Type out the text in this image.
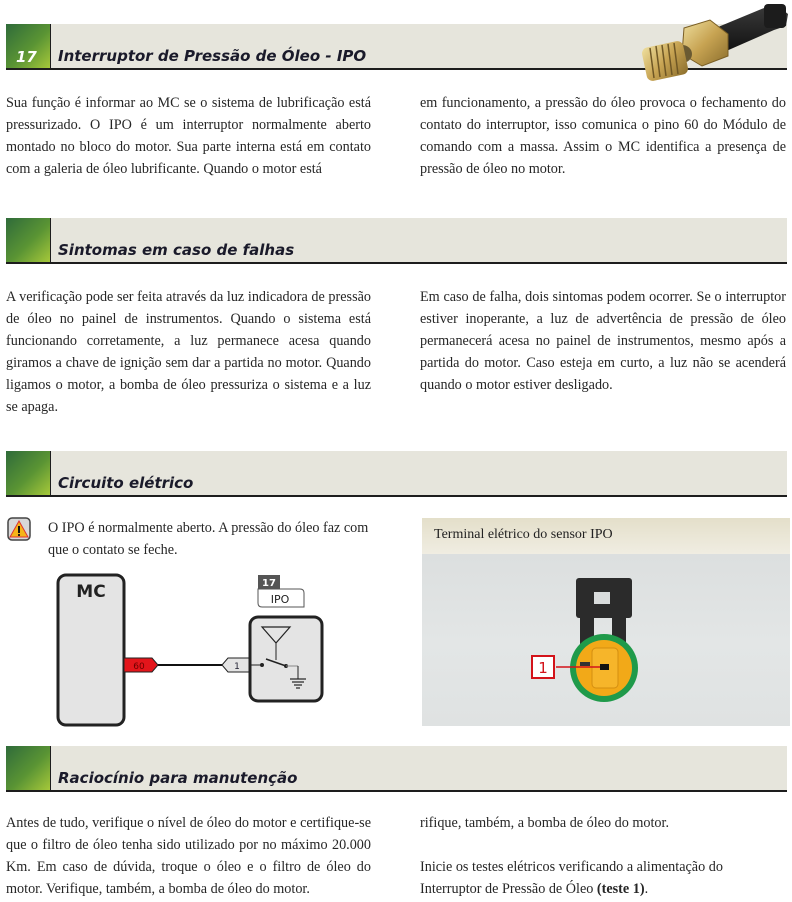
17 Interruptor de Pressão de Óleo - IPO
Sua função é informar ao MC se o sistema de lubrificação está pressurizado. O IPO é um interruptor normalmente aberto montado no bloco do motor. Sua parte interna está em contato com a galeria de óleo lubrificante. Quando o motor está
em funcionamento, a pressão do óleo provoca o fechamento do contato do interruptor, isso comunica o pino 60 do Módulo de comando com a massa. Assim o MC identifica a presença de pressão de óleo no motor.
Sintomas em caso de falhas
A verificação pode ser feita através da luz indicadora de pressão de óleo no painel de instrumentos. Quando o sistema está funcionando corretamente, a luz permanece acesa quando giramos a chave de ignição sem dar a partida no motor. Quando ligamos o motor, a bomba de óleo pressuriza o sistema e a luz se apaga.
Em caso de falha, dois sintomas podem ocorrer. Se o interruptor estiver inoperante, a luz de advertência de pressão de óleo permanecerá acesa no painel de instrumentos, mesmo após a partida do motor. Caso esteja em curto, a luz não se acenderá quando o motor estiver desligado.
Circuito elétrico
O IPO é normalmente aberto. A pressão do óleo faz com que o contato se feche.
MC
60	1
17
IPO
Terminal elétrico do sensor IPO
1
Raciocínio para manutenção
Antes de tudo, verifique o nível de óleo do motor e certifique-se que o filtro de óleo tenha sido utilizado por no máximo 20.000 Km. Em caso de dúvida, troque o óleo e o filtro de óleo do motor. Verifique, também, a bomba de óleo do motor.
rifique, também, a bomba de óleo do motor.
Inicie os testes elétricos verificando a alimentação do Interruptor de Pressão de Óleo (teste 1).
